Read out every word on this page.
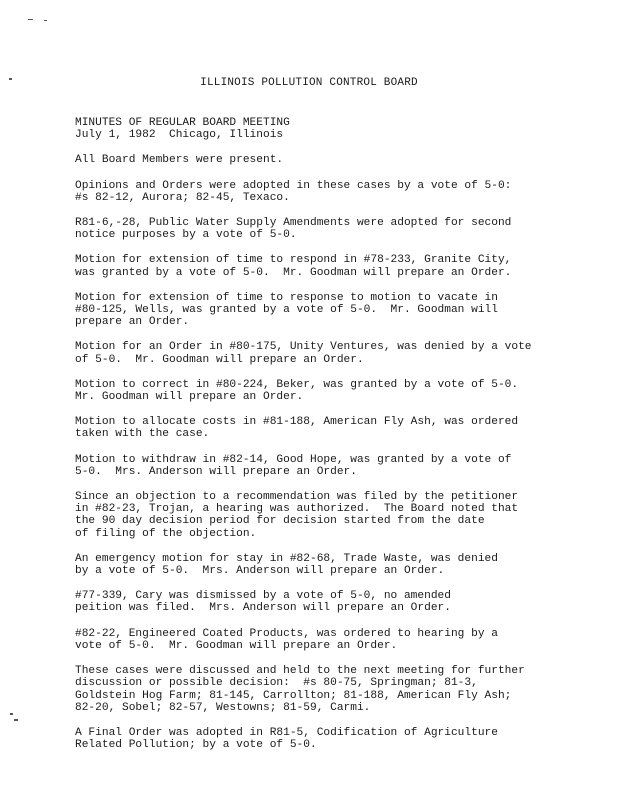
ILLINOIS POLLUTION CONTROL BOARD
MINUTES OF REGULAR BOARD MEETING
July 1, 1982  Chicago, Illinois
All Board Members were present.
Opinions and Orders were adopted in these cases by a vote of 5-0:
#s 82-12, Aurora; 82-45, Texaco.
R81-6,-28, Public Water Supply Amendments were adopted for second
notice purposes by a vote of 5-0.
Motion for extension of time to respond in #78-233, Granite City,
was granted by a vote of 5-0.  Mr. Goodman will prepare an Order.
Motion for extension of time to response to motion to vacate in
#80-125, Wells, was granted by a vote of 5-0.  Mr. Goodman will
prepare an Order.
Motion for an Order in #80-175, Unity Ventures, was denied by a vote
of 5-0.  Mr. Goodman will prepare an Order.
Motion to correct in #80-224, Beker, was granted by a vote of 5-0.
Mr. Goodman will prepare an Order.
Motion to allocate costs in #81-188, American Fly Ash, was ordered
taken with the case.
Motion to withdraw in #82-14, Good Hope, was granted by a vote of
5-0.  Mrs. Anderson will prepare an Order.
Since an objection to a recommendation was filed by the petitioner
in #82-23, Trojan, a hearing was authorized.  The Board noted that
the 90 day decision period for decision started from the date
of filing of the objection.
An emergency motion for stay in #82-68, Trade Waste, was denied
by a vote of 5-0.  Mrs. Anderson will prepare an Order.
#77-339, Cary was dismissed by a vote of 5-0, no amended
peition was filed.  Mrs. Anderson will prepare an Order.
#82-22, Engineered Coated Products, was ordered to hearing by a
vote of 5-0.  Mr. Goodman will prepare an Order.
These cases were discussed and held to the next meeting for further
discussion or possible decision:  #s 80-75, Springman; 81-3,
Goldstein Hog Farm; 81-145, Carrollton; 81-188, American Fly Ash;
82-20, Sobel; 82-57, Westowns; 81-59, Carmi.
A Final Order was adopted in R81-5, Codification of Agriculture
Related Pollution; by a vote of 5-0.
